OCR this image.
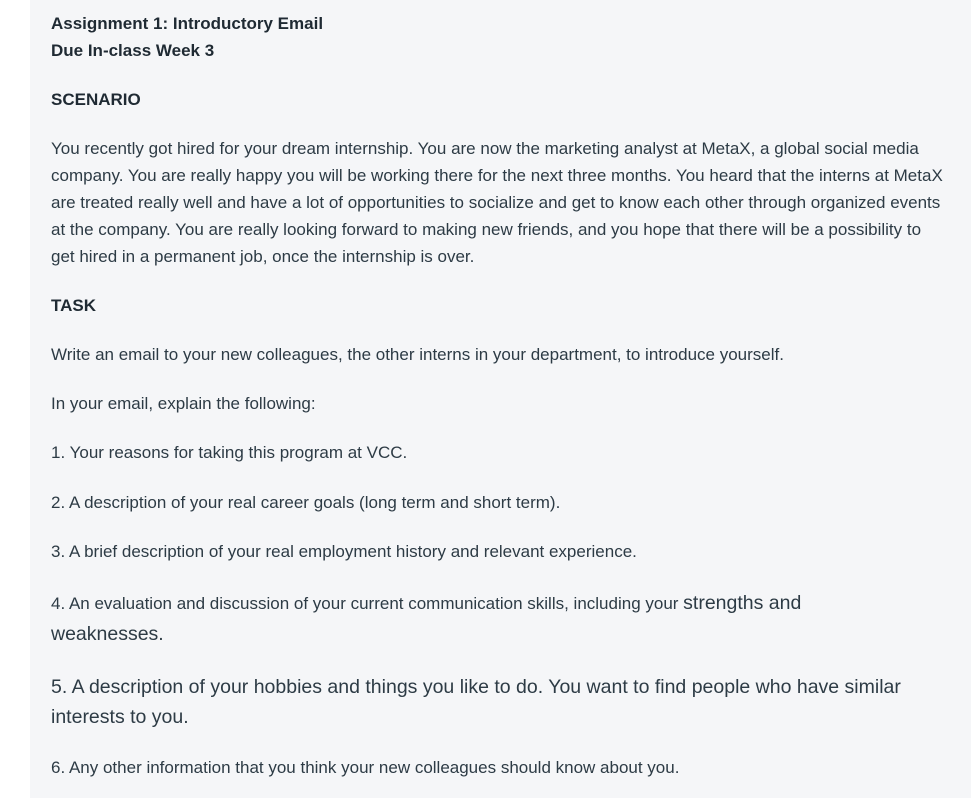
Assignment 1: Introductory Email

Due In-class Week 3

SCENARIO

You recently got hired for your dream internship. You are now the marketing analyst at MetaX, a global social media company. You are really happy you will be working there for the next three months. You heard that the interns at MetaX are treated really well and have a lot of opportunities to socialize and get to know each other through organized events at the company. You are really looking forward to making new friends, and you hope that there will be a possibility to get hired in a permanent job, once the internship is over.

TASK

Write an email to your new colleagues, the other interns in your department, to introduce yourself.

In your email, explain the following:

1. Your reasons for taking this program at VCC.

2. A description of your real career goals (long term and short term).

3. A brief description of your real employment history and relevant experience.

4. An evaluation and discussion of your current communication skills, including your strengths and weaknesses.

5. A description of your hobbies and things you like to do. You want to find people who have similar interests to you.

6. Any other information that you think your new colleagues should know about you.
